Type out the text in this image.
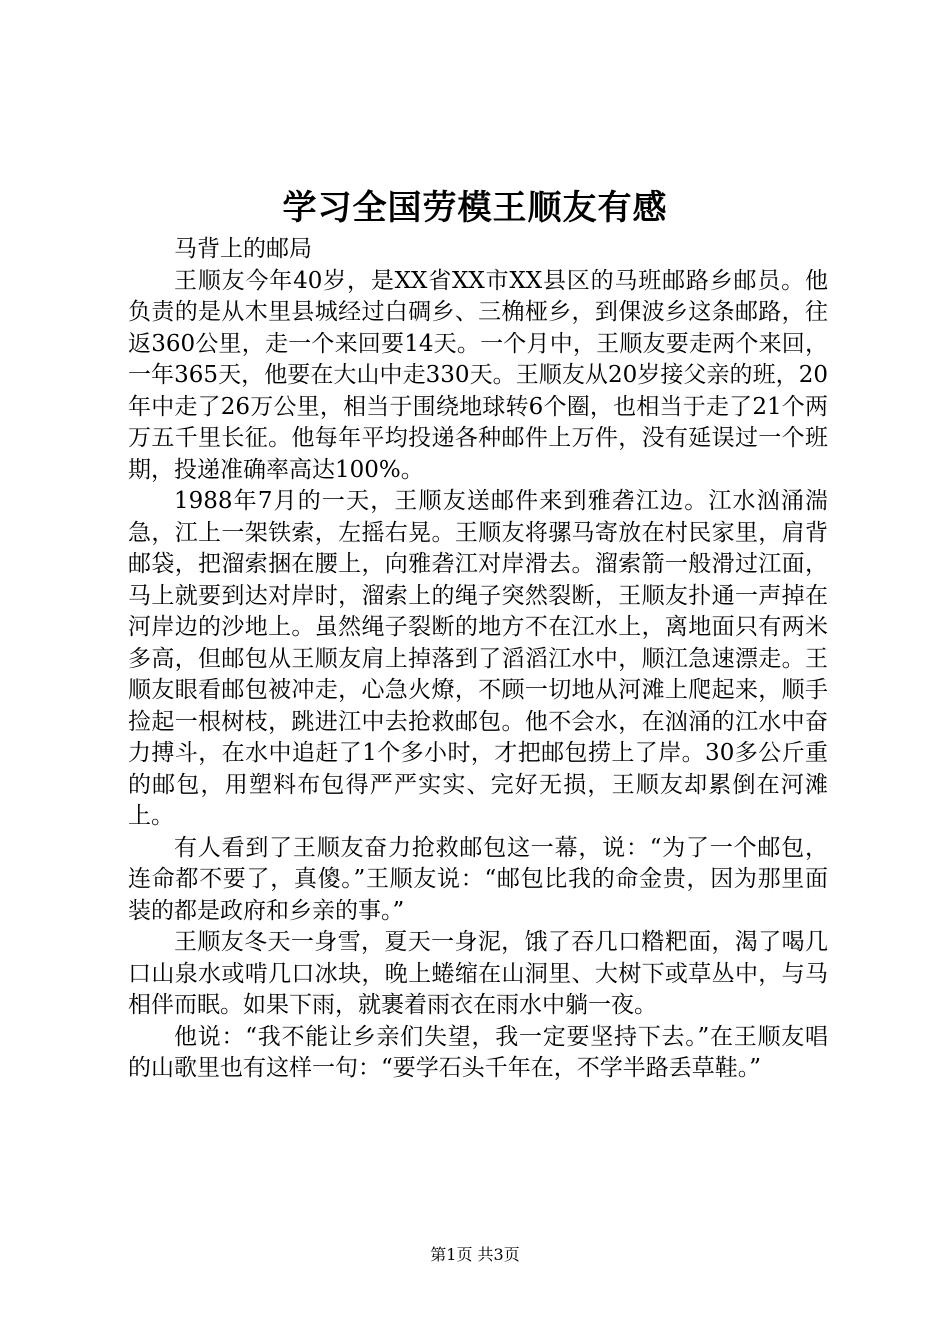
学习全国劳模王顺友有感

马背上的邮局

王顺友今年40岁，是XX省XX市XX县区的马班邮路乡邮员。他负责的是从木里县城经过白碉乡、三桷桠乡，到倮波乡这条邮路，往返360公里，走一个来回要14天。一个月中，王顺友要走两个来回，一年365天，他要在大山中走330天。王顺友从20岁接父亲的班，20年中走了26万公里，相当于围绕地球转6个圈，也相当于走了21个两万五千里长征。他每年平均投递各种邮件上万件，没有延误过一个班期，投递准确率高达100%。

1988年7月的一天，王顺友送邮件来到雅砻江边。江水汹涌湍急，江上一架铁索，左摇右晃。王顺友将骡马寄放在村民家里，肩背邮袋，把溜索捆在腰上，向雅砻江对岸滑去。溜索箭一般滑过江面，马上就要到达对岸时，溜索上的绳子突然裂断，王顺友扑通一声掉在河岸边的沙地上。虽然绳子裂断的地方不在江水上，离地面只有两米多高，但邮包从王顺友肩上掉落到了滔滔江水中，顺江急速漂走。王顺友眼看邮包被冲走，心急火燎，不顾一切地从河滩上爬起来，顺手捡起一根树枝，跳进江中去抢救邮包。他不会水，在汹涌的江水中奋力搏斗，在水中追赶了1个多小时，才把邮包捞上了岸。30多公斤重的邮包，用塑料布包得严严实实、完好无损，王顺友却累倒在河滩上。

有人看到了王顺友奋力抢救邮包这一幕，说：“为了一个邮包，连命都不要了，真傻。”王顺友说：“邮包比我的命金贵，因为那里面装的都是政府和乡亲的事。”

王顺友冬天一身雪，夏天一身泥，饿了吞几口糌粑面，渴了喝几口山泉水或啃几口冰块，晚上蜷缩在山洞里、大树下或草丛中，与马相伴而眠。如果下雨，就裹着雨衣在雨水中躺一夜。

他说：“我不能让乡亲们失望，我一定要坚持下去。”在王顺友唱的山歌里也有这样一句：“要学石头千年在，不学半路丢草鞋。”

第1页 共3页
